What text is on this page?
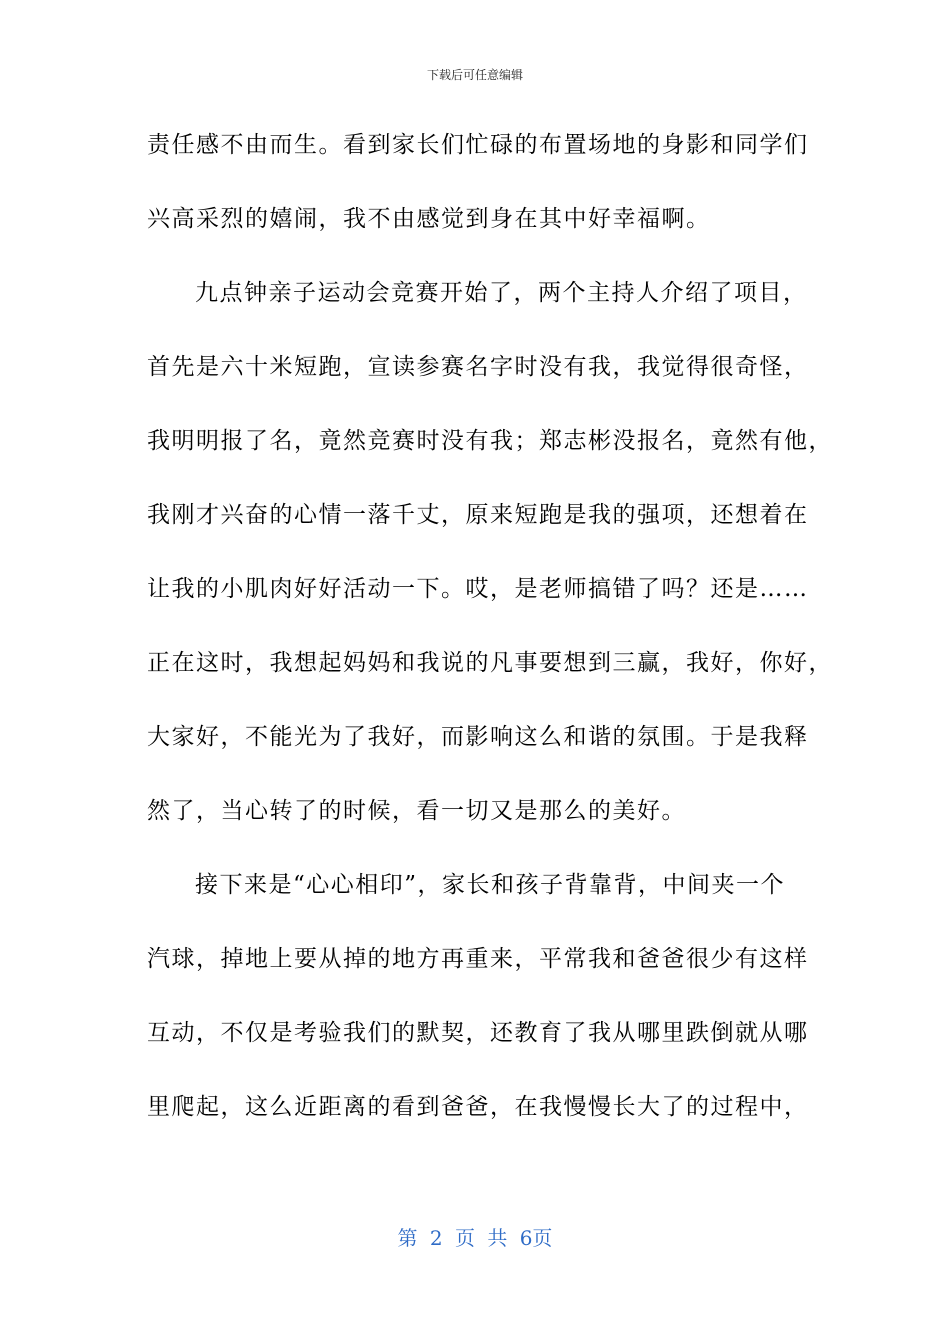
下载后可任意编辑
责任感不由而生。看到家长们忙碌的布置场地的身影和同学们
兴高采烈的嬉闹，我不由感觉到身在其中好幸福啊。
九点钟亲子运动会竞赛开始了，两个主持人介绍了项目，
首先是六十米短跑，宣读参赛名字时没有我，我觉得很奇怪，
我明明报了名，竟然竞赛时没有我；郑志彬没报名，竟然有他，
我刚才兴奋的心情一落千丈，原来短跑是我的强项，还想着在
让我的小肌肉好好活动一下。哎，是老师搞错了吗？还是……
正在这时，我想起妈妈和我说的凡事要想到三赢，我好，你好，
大家好，不能光为了我好，而影响这么和谐的氛围。于是我释
然了，当心转了的时候，看一切又是那么的美好。
接下来是“心心相印”，家长和孩子背靠背，中间夹一个
汽球，掉地上要从掉的地方再重来，平常我和爸爸很少有这样
互动，不仅是考验我们的默契，还教育了我从哪里跌倒就从哪
里爬起，这么近距离的看到爸爸，在我慢慢长大了的过程中，
第 2 页 共 6页
